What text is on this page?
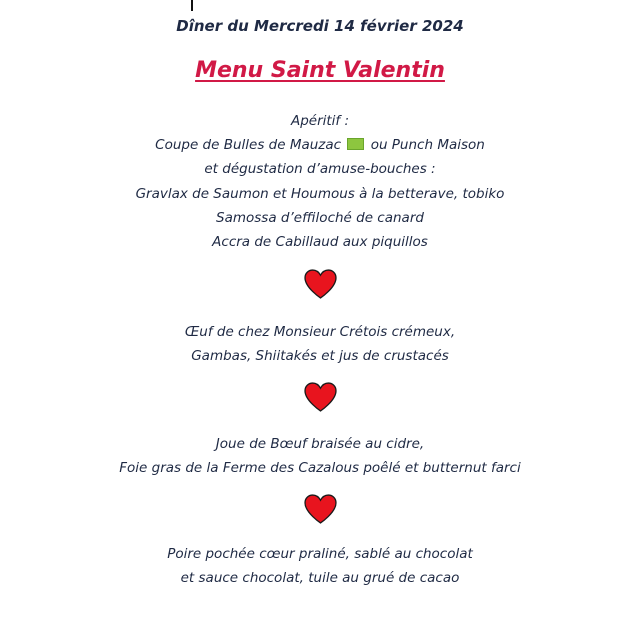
Dîner du Mercredi 14 février 2024
Menu Saint Valentin
Apéritif :
Coupe de Bulles de Mauzac ou Punch Maison
et dégustation d’amuse-bouches :
Gravlax de Saumon et Houmous à la betterave, tobiko
Samossa d’effiloché de canard
Accra de Cabillaud aux piquillos
Œuf de chez Monsieur Crétois crémeux,
Gambas, Shiitakés et jus de crustacés
Joue de Bœuf braisée au cidre,
Foie gras de la Ferme des Cazalous poêlé et butternut farci
Poire pochée cœur praliné, sablé au chocolat
et sauce chocolat, tuile au grué de cacao
